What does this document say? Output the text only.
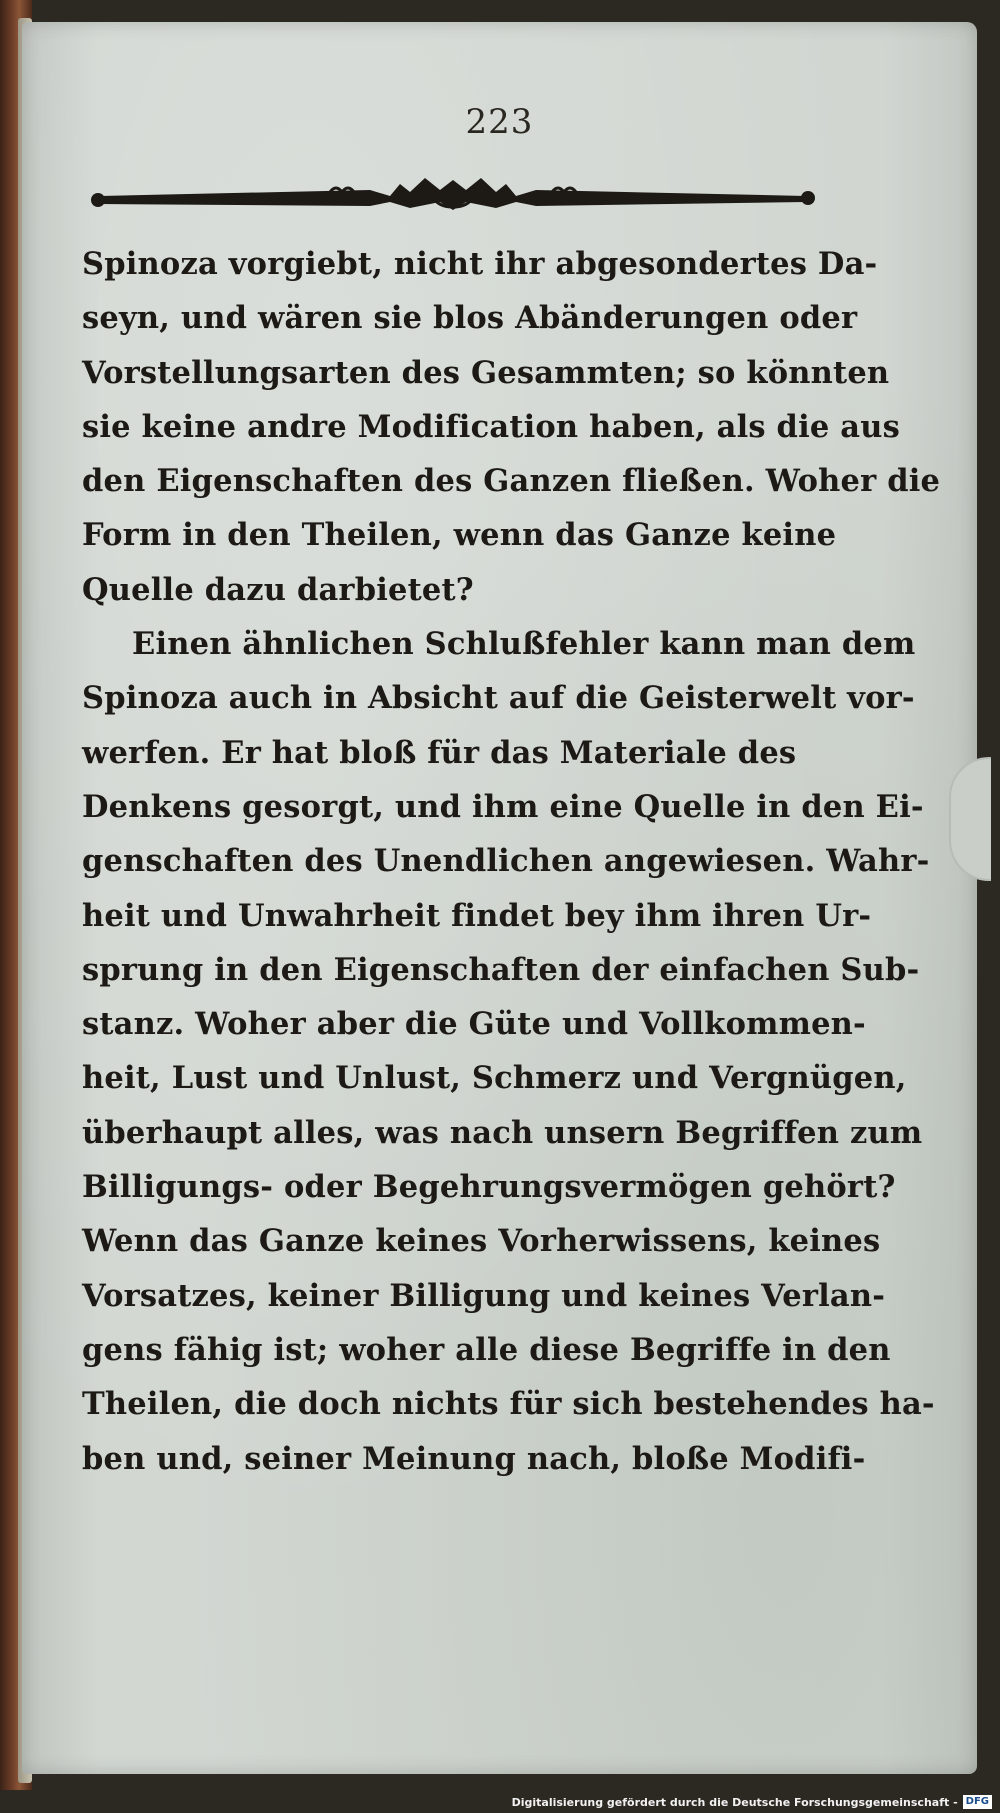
223
Spinoza vorgiebt, nicht ihr abgesondertes Da-
seyn, und wären sie blos Abänderungen oder
Vorstellungsarten des Gesammten; so könnten
sie keine andre Modification haben, als die aus
den Eigenschaften des Ganzen fließen. Woher die
Form in den Theilen, wenn das Ganze keine
Quelle dazu darbietet?
Einen ähnlichen Schlußfehler kann man dem
Spinoza auch in Absicht auf die Geisterwelt vor-
werfen. Er hat bloß für das Materiale des
Denkens gesorgt, und ihm eine Quelle in den Ei-
genschaften des Unendlichen angewiesen. Wahr-
heit und Unwahrheit findet bey ihm ihren Ur-
sprung in den Eigenschaften der einfachen Sub-
stanz. Woher aber die Güte und Vollkommen-
heit, Lust und Unlust, Schmerz und Vergnügen,
überhaupt alles, was nach unsern Begriffen zum
Billigungs- oder Begehrungsvermögen gehört?
Wenn das Ganze keines Vorherwissens, keines
Vorsatzes, keiner Billigung und keines Verlan-
gens fähig ist; woher alle diese Begriffe in den
Theilen, die doch nichts für sich bestehendes ha-
ben und, seiner Meinung nach, bloße Modifi-
Digitalisierung gefördert durch die Deutsche Forschungsgemeinschaft - DFG
